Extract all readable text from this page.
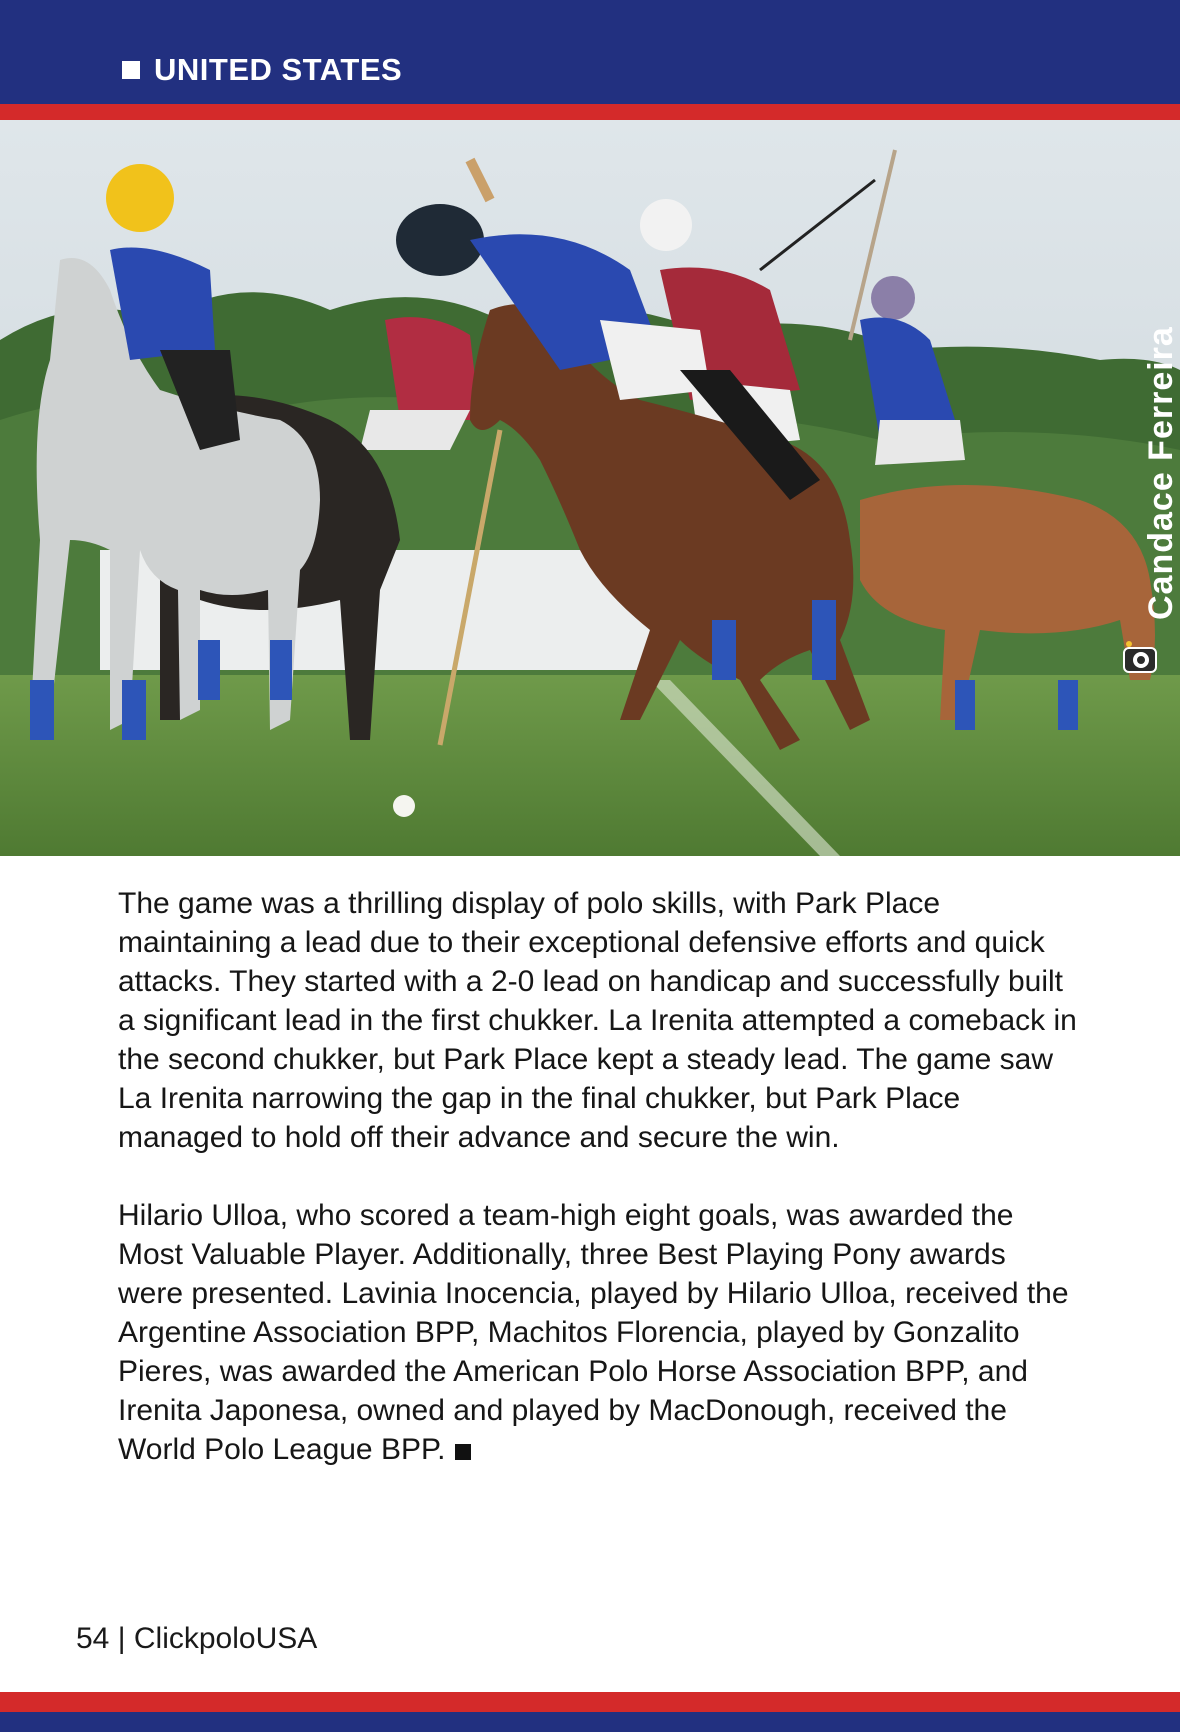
UNITED STATES
Candace Ferreira

The game was a thrilling display of polo skills, with Park Place maintaining a lead due to their exceptional defensive efforts and quick attacks. They started with a 2-0 lead on handicap and successfully built a significant lead in the first chukker. La Irenita attempted a comeback in the second chukker, but Park Place kept a steady lead. The game saw La Irenita narrowing the gap in the final chukker, but Park Place managed to hold off their advance and secure the win.

Hilario Ulloa, who scored a team-high eight goals, was awarded the Most Valuable Player. Additionally, three Best Playing Pony awards were presented. Lavinia Inocencia, played by Hilario Ulloa, received the Argentine Association BPP, Machitos Florencia, played by Gonzalito Pieres, was awarded the American Polo Horse Association BPP, and Irenita Japonesa, owned and played by MacDonough, received the World Polo League BPP.

54 | ClickpoloUSA
